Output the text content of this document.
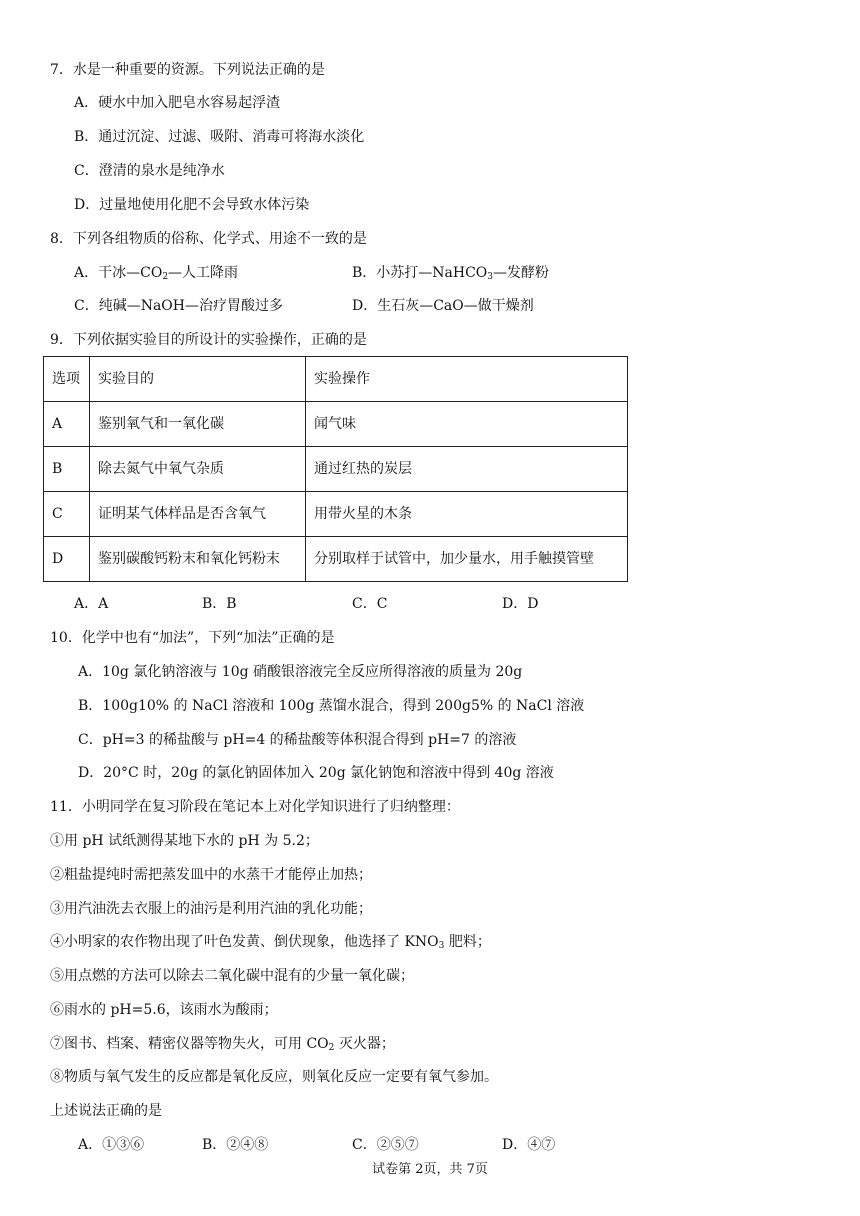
7．水是一种重要的资源。下列说法正确的是
A．硬水中加入肥皂水容易起浮渣
B．通过沉淀、过滤、吸附、消毒可将海水淡化
C．澄清的泉水是纯净水
D．过量地使用化肥不会导致水体污染
8．下列各组物质的俗称、化学式、用途不一致的是
A．干冰$—CO_2—$人工降雨	B．小苏打—NaHCO$_3$—发酵粉
C．纯碱—NaOH—治疗胃酸过多	D．生石灰—CaO—做干燥剂
9．下列依据实验目的所设计的实验操作，正确的是
选项	实验目的	实验操作
A	鉴别氧气和一氧化碳	闻气味
B	除去氮气中氧气杂质	通过红热的炭层
C	证明某气体样品是否含氧气	用带火星的木条
D	鉴别碳酸钙粉末和氧化钙粉末	分别取样于试管中，加少量水，用手触摸管壁
A．A	B．B	C．C	D．D
10．化学中也有“加法”，下列“加法”正确的是
A．10g 氯化钠溶液与 10g 硝酸银溶液完全反应所得溶液的质量为 20g
B．100g10% 的 NaCl 溶液和 100g 蒸馏水混合，得到 200g5% 的 NaCl 溶液
C．pH=3 的稀盐酸与 pH=4 的稀盐酸等体积混合得到 pH=7 的溶液
D．20°C 时，20g 的氯化钠固体加入 20g 氯化钠饱和溶液中得到 40g 溶液
11．小明同学在复习阶段在笔记本上对化学知识进行了归纳整理：
①用 pH 试纸测得某地下水的 pH 为 5.2；
②粗盐提纯时需把蒸发皿中的水蒸干才能停止加热；
③用汽油洗去衣服上的油污是利用汽油的乳化功能；
④小明家的农作物出现了叶色发黄、倒伏现象，他选择了 $KNO_3$ 肥料；
⑤用点燃的方法可以除去二氧化碳中混有的少量一氧化碳；
⑥雨水的 pH=5.6，该雨水为酸雨；
⑦图书、档案、精密仪器等物失火，可用 $CO_2$ 灭火器；
⑧物质与氧气发生的反应都是氧化反应，则氧化反应一定要有氧气参加。
上述说法正确的是
A．①③⑥	B．②④⑧	C．②⑤⑦	D．④⑦
试卷第 2页，共 7页
